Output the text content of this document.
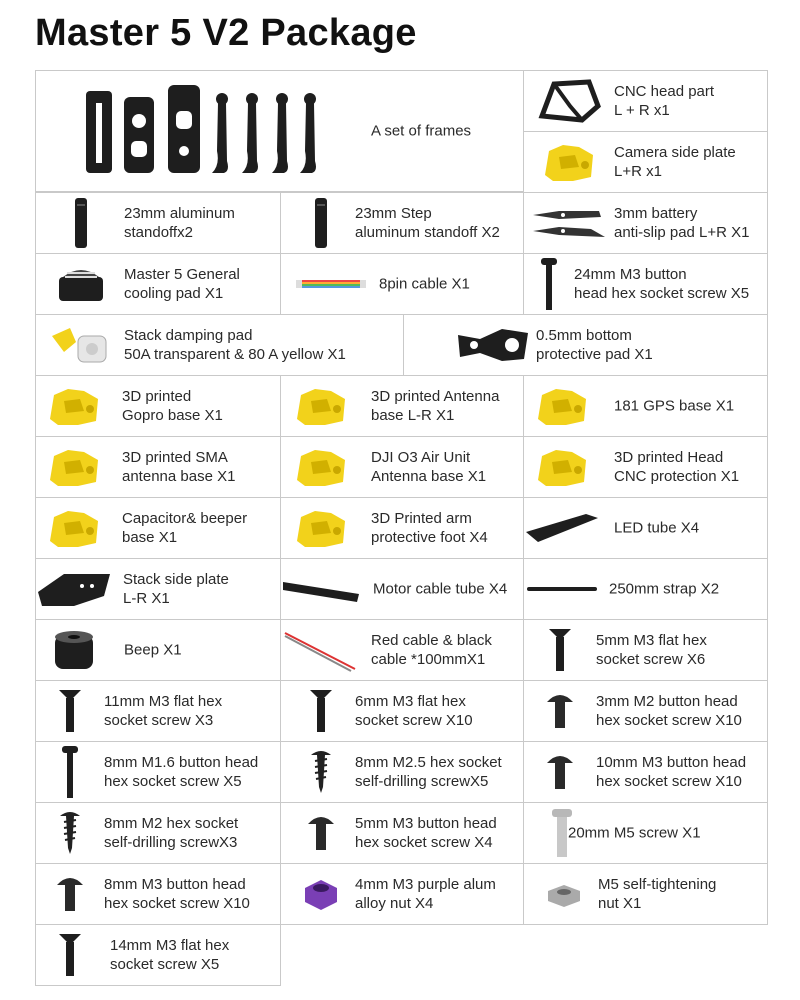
Master 5 V2 Package
A set of frames
CNC head part
L + R x1
Camera side plate
L+R x1
23mm aluminum
standoffx2
23mm Step
aluminum standoff X2
3mm battery
anti-slip pad L+R X1
Master 5 General
cooling pad X1
8pin cable X1
24mm M3 button
head hex socket screw X5
Stack damping pad
50A transparent & 80 A yellow X1
0.5mm bottom
protective pad X1
3D printed
Gopro base X1
3D printed Antenna
base L-R X1
181 GPS base X1
3D printed SMA
antenna base X1
DJI O3 Air Unit
Antenna base X1
3D printed Head
CNC protection X1
Capacitor& beeper
base X1
3D Printed arm
protective foot X4
LED tube X4
Stack side plate
L-R X1
Motor cable tube X4	250mm strap X2
Beep X1
Red cable & black
cable *100mmX1
5mm M3 flat hex
socket screw X6
11mm M3 flat hex
socket screw X3
6mm M3 flat hex
socket screw X10
3mm M2 button head
hex socket screw X10
8mm M1.6 button head
hex socket screw X5
8mm M2.5 hex socket
self-drilling screwX5
10mm M3 button head
hex socket screw X10
8mm M2 hex socket
self-drilling screwX3
5mm M3 button head
hex socket screw X4
20mm M5 screw X1
8mm M3 button head
hex socket screw X10
4mm M3 purple alum
alloy nut X4
M5 self-tightening
nut X1
14mm M3 flat hex
socket screw X5
